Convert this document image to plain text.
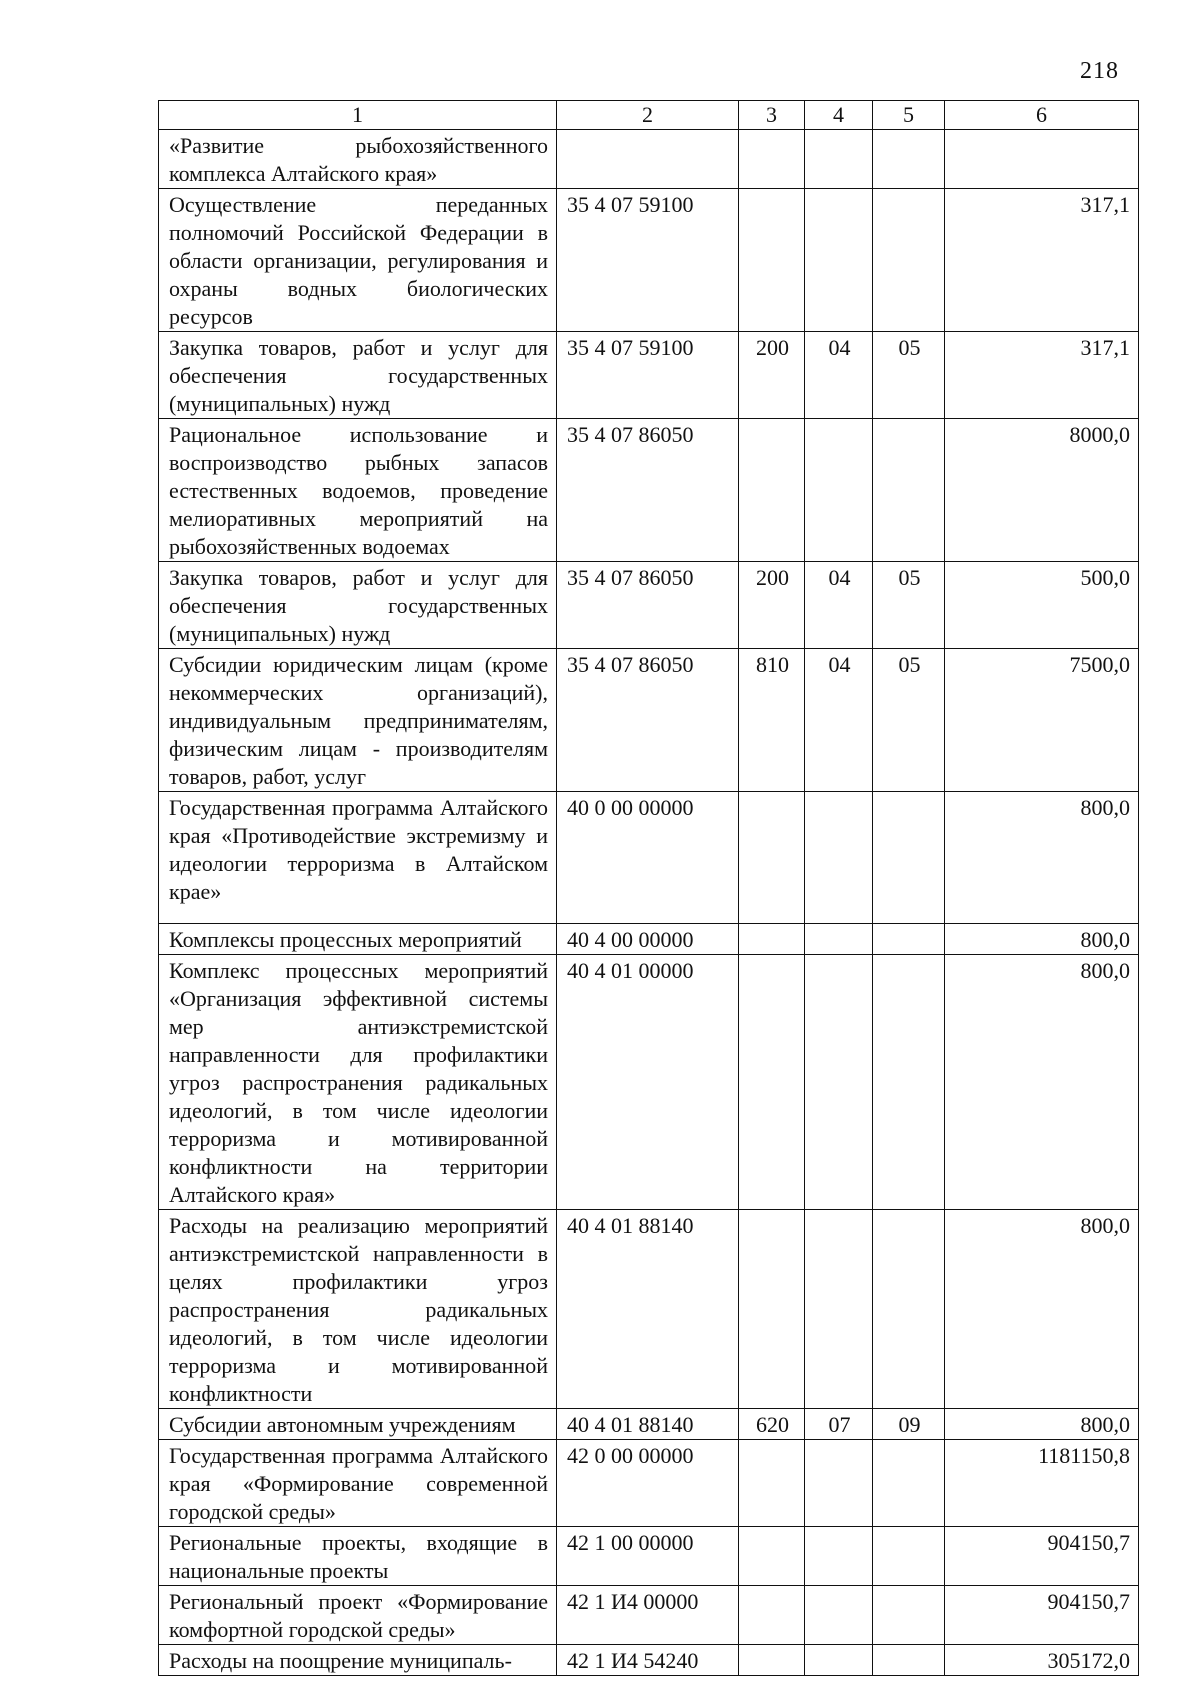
218
1	2	3	4	5	6
«Развитие рыбохозяйственного комплекса Алтайского края»					
Осуществление переданных полномочий Российской Федерации в области организации, регулирования и охраны водных биологических ресурсов	35 4 07 59100				317,1
Закупка товаров, работ и услуг для обеспечения государственных (муниципальных) нужд	35 4 07 59100	200	04	05	317,1
Рациональное использование и воспроизводство рыбных запасов естественных водоемов, проведение мелиоративных мероприятий на рыбохозяйственных водоемах	35 4 07 86050				8000,0
Закупка товаров, работ и услуг для обеспечения государственных (муниципальных) нужд	35 4 07 86050	200	04	05	500,0
Субсидии юридическим лицам (кроме некоммерческих организаций), индивидуальным предпринимателям, физическим лицам - производителям товаров, работ, услуг	35 4 07 86050	810	04	05	7500,0
Государственная программа Алтайского края «Противодействие экстремизму и идеологии терроризма в Алтайском крае»	40 0 00 00000				800,0
Комплексы процессных мероприятий	40 4 00 00000				800,0
Комплекс процессных мероприятий «Организация эффективной системы мер антиэкстремистской направленности для профилактики угроз распространения радикальных идеологий, в том числе идеологии терроризма и мотивированной конфликтности на территории Алтайского края»	40 4 01 00000				800,0
Расходы на реализацию мероприятий антиэкстремистской направленности в целях профилактики угроз распространения радикальных идеологий, в том числе идеологии терроризма и мотивированной конфликтности	40 4 01 88140				800,0
Субсидии автономным учреждениям	40 4 01 88140	620	07	09	800,0
Государственная программа Алтайского края «Формирование современной городской среды»	42 0 00 00000				1181150,8
Региональные проекты, входящие в национальные проекты	42 1 00 00000				904150,7
Региональный проект «Формирование комфортной городской среды»	42 1 И4 00000				904150,7
Расходы на поощрение муниципаль-	42 1 И4 54240				305172,0
